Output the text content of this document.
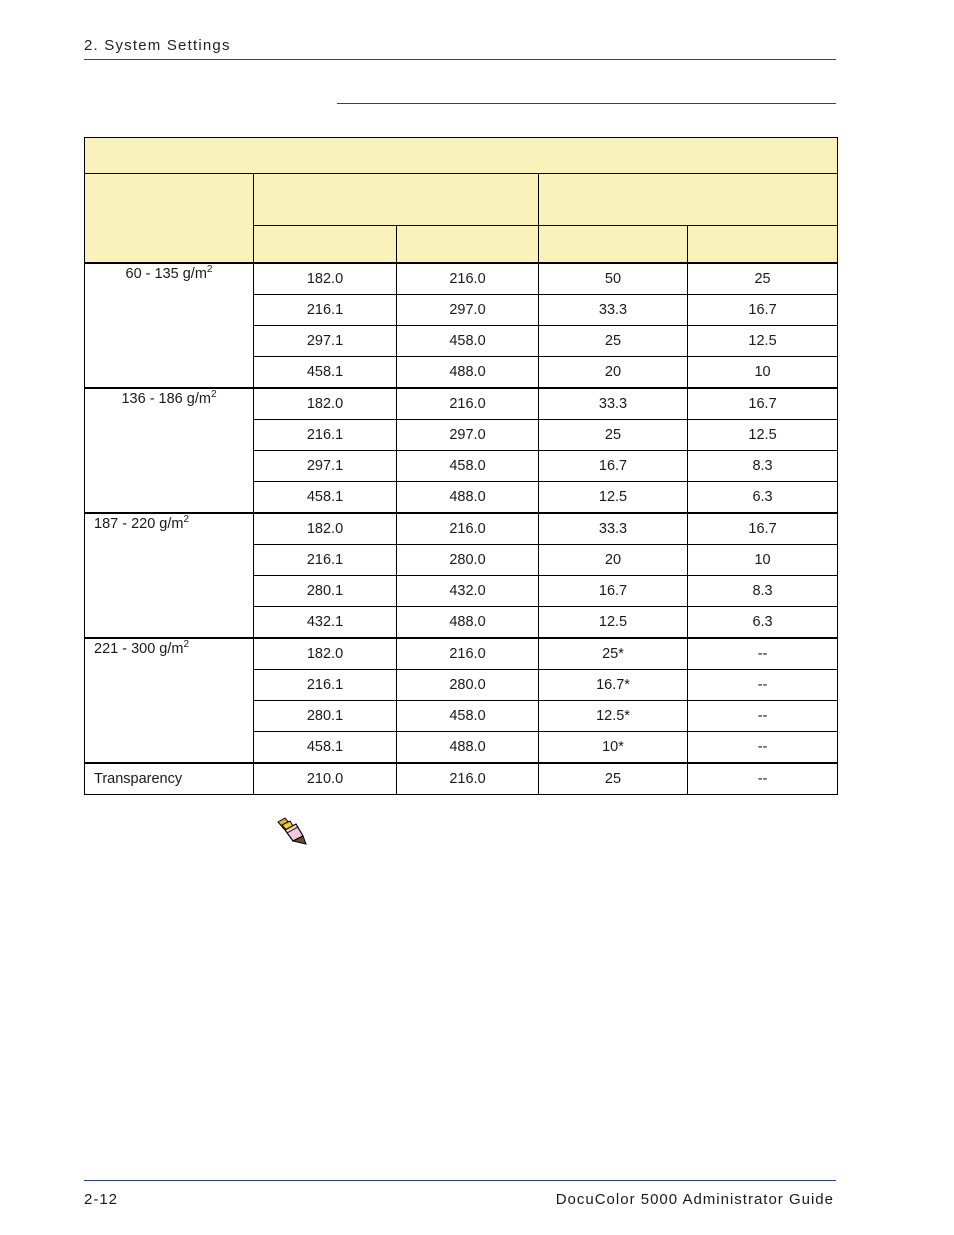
2. System Settings

60 - 135 $g/m^2$	182.0	216.0	50	25
	216.1	297.0	33.3	16.7
	297.1	458.0	25	12.5
	458.1	488.0	20	10
136 - 186 $g/m^2$	182.0	216.0	33.3	16.7
	216.1	297.0	25	12.5
	297.1	458.0	16.7	8.3
	458.1	488.0	12.5	6.3
187 - 220 $g/m^2$	182.0	216.0	33.3	16.7
	216.1	280.0	20	10
	280.1	432.0	16.7	8.3
	432.1	488.0	12.5	6.3
221 - 300 $g/m^2$	182.0	216.0	25*	--
	216.1	280.0	16.7*	--
	280.1	458.0	12.5*	--
	458.1	488.0	10*	--
Transparency	210.0	216.0	25	--
2-12	DocuColor 5000 Administrator Guide
